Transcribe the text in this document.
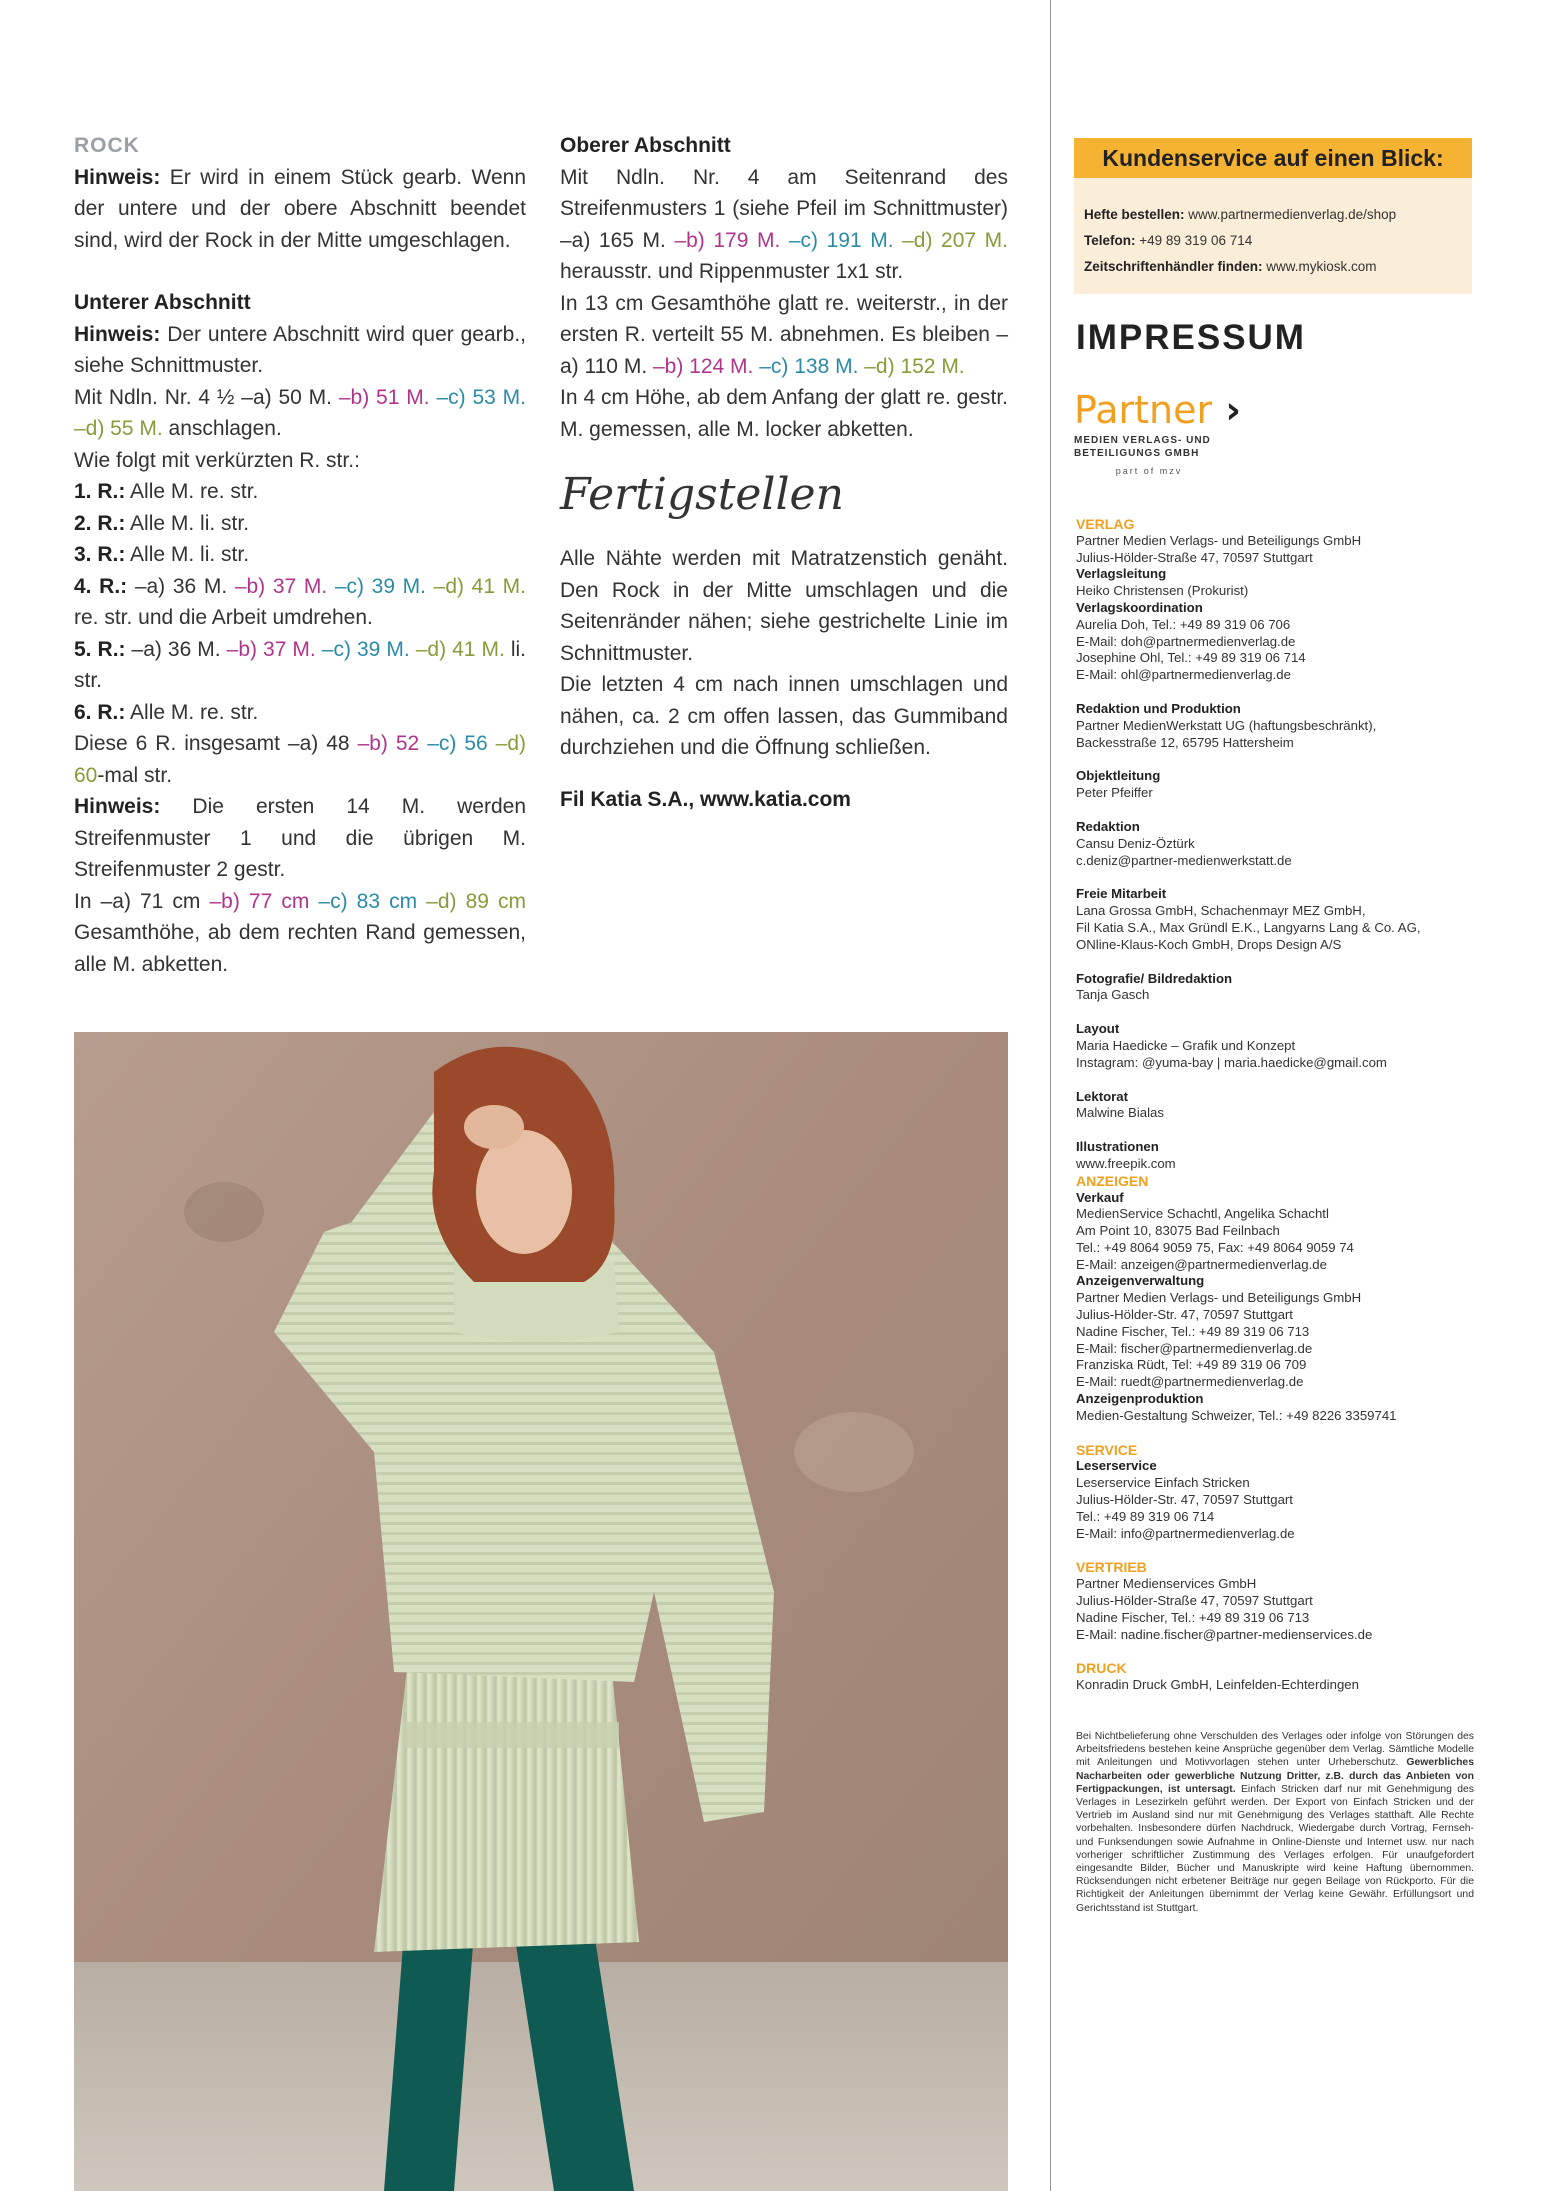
ROCK

Hinweis: Er wird in einem Stück gearb. Wenn der untere und der obere Abschnitt beendet sind, wird der Rock in der Mitte umgeschlagen.

Unterer Abschnitt

Hinweis: Der untere Abschnitt wird quer gearb., siehe Schnittmuster.

Mit Ndln. Nr. 4 ½ –a) 50 M. –b) 51 M. –c) 53 M. –d) 55 M. anschlagen.

Wie folgt mit verkürzten R. str.:

1. R.: Alle M. re. str.

2. R.: Alle M. li. str.

3. R.: Alle M. li. str.

4. R.: –a) 36 M. –b) 37 M. –c) 39 M. –d) 41 M. re. str. und die Arbeit umdrehen.

5. R.: –a) 36 M. –b) 37 M. –c) 39 M. –d) 41 M. li. str.

6. R.: Alle M. re. str.

Diese 6 R. insgesamt –a) 48 –b) 52 –c) 56 –d) 60-mal str.

Hinweis: Die ersten 14 M. werden Streifenmuster 1 und die übrigen M. Streifenmuster 2 gestr.

In –a) 71 cm –b) 77 cm –c) 83 cm –d) 89 cm Gesamthöhe, ab dem rechten Rand gemessen, alle M. abketten.

Oberer Abschnitt

Mit Ndln. Nr. 4 am Seitenrand des Streifenmusters 1 (siehe Pfeil im Schnittmuster) –a) 165 M. –b) 179 M. –c) 191 M. –d) 207 M. herausstr. und Rippenmuster 1x1 str.

In 13 cm Gesamthöhe glatt re. weiterstr., in der ersten R. verteilt 55 M. abnehmen. Es bleiben –a) 110 M. –b) 124 M. –c) 138 M. –d) 152 M.

In 4 cm Höhe, ab dem Anfang der glatt re. gestr. M. gemessen, alle M. locker abketten.

Fertigstellen

Alle Nähte werden mit Matratzenstich genäht. Den Rock in der Mitte umschlagen und die Seitenränder nähen; siehe gestrichelte Linie im Schnittmuster.

Die letzten 4 cm nach innen umschlagen und nähen, ca. 2 cm offen lassen, das Gummiband durchziehen und die Öffnung schließen.

Fil Katia S.A., www.katia.com

Kundenservice auf einen Blick:
Hefte bestellen: www.partnermedienverlag.de/shop
Telefon: +49 89 319 06 714
Zeitschriftenhändler finden: www.mykiosk.com
IMPRESSUM
Partner ›
MEDIEN VERLAGS- UND
BETEILIGUNGS GMBH
part of mzv
VERLAG
Partner Medien Verlags- und Beteiligungs GmbH
Julius-Hölder-Straße 47, 70597 Stuttgart
Verlagsleitung
Heiko Christensen (Prokurist)
Verlagskoordination
Aurelia Doh, Tel.: +49 89 319 06 706
E-Mail: doh@partnermedienverlag.de
Josephine Ohl, Tel.: +49 89 319 06 714
E-Mail: ohl@partnermedienverlag.de
Redaktion und Produktion
Partner MedienWerkstatt UG (haftungsbeschränkt),
Backesstraße 12, 65795 Hattersheim
Objektleitung
Peter Pfeiffer
Redaktion
Cansu Deniz-Öztürk
c.deniz@partner-medienwerkstatt.de
Freie Mitarbeit
Lana Grossa GmbH, Schachenmayr MEZ GmbH,
Fil Katia S.A., Max Gründl E.K., Langyarns Lang & Co. AG,
ONline-Klaus-Koch GmbH, Drops Design A/S
Fotografie/ Bildredaktion
Tanja Gasch
Layout
Maria Haedicke – Grafik und Konzept
Instagram: @yuma-bay | maria.haedicke@gmail.com
Lektorat
Malwine Bialas
Illustrationen
www.freepik.com
ANZEIGEN
Verkauf
MedienService Schachtl, Angelika Schachtl
Am Point 10, 83075 Bad Feilnbach
Tel.: +49 8064 9059 75, Fax: +49 8064 9059 74
E-Mail: anzeigen@partnermedienverlag.de
Anzeigenverwaltung
Partner Medien Verlags- und Beteiligungs GmbH
Julius-Hölder-Str. 47, 70597 Stuttgart
Nadine Fischer, Tel.: +49 89 319 06 713
E-Mail: fischer@partnermedienverlag.de
Franziska Rüdt, Tel: +49 89 319 06 709
E-Mail: ruedt@partnermedienverlag.de
Anzeigenproduktion
Medien-Gestaltung Schweizer, Tel.: +49 8226 3359741
SERVICE
Leserservice
Leserservice Einfach Stricken
Julius-Hölder-Str. 47, 70597 Stuttgart
Tel.: +49 89 319 06 714
E-Mail: info@partnermedienverlag.de
VERTRIEB
Partner Medienservices GmbH
Julius-Hölder-Straße 47, 70597 Stuttgart
Nadine Fischer, Tel.: +49 89 319 06 713
E-Mail: nadine.fischer@partner-medienservices.de
DRUCK
Konradin Druck GmbH, Leinfelden-Echterdingen
Bei Nichtbelieferung ohne Verschulden des Verlages oder infolge von Störungen des Arbeitsfriedens bestehen keine Ansprüche gegenüber dem Verlag. Sämtliche Modelle mit Anleitungen und Motivvorlagen stehen unter Urheberschutz. Gewerbliches Nacharbeiten oder gewerbliche Nutzung Dritter, z.B. durch das Anbieten von Fertigpackungen, ist untersagt. Einfach Stricken darf nur mit Genehmigung des Verlages in Lesezirkeln geführt werden. Der Export von Einfach Stricken und der Vertrieb im Ausland sind nur mit Genehmigung des Verlages statthaft. Alle Rechte vorbehalten. Insbesondere dürfen Nachdruck, Wiedergabe durch Vortrag, Fernseh- und Funksendungen sowie Aufnahme in Online-Dienste und Internet usw. nur nach vorheriger schriftlicher Zustimmung des Verlages erfolgen. Für unaufgefordert eingesandte Bilder, Bücher und Manuskripte wird keine Haftung übernommen. Rücksendungen nicht erbetener Beiträge nur gegen Beilage von Rückporto. Für die Richtigkeit der Anleitungen übernimmt der Verlag keine Gewähr. Erfüllungsort und Gerichtsstand ist Stuttgart.
